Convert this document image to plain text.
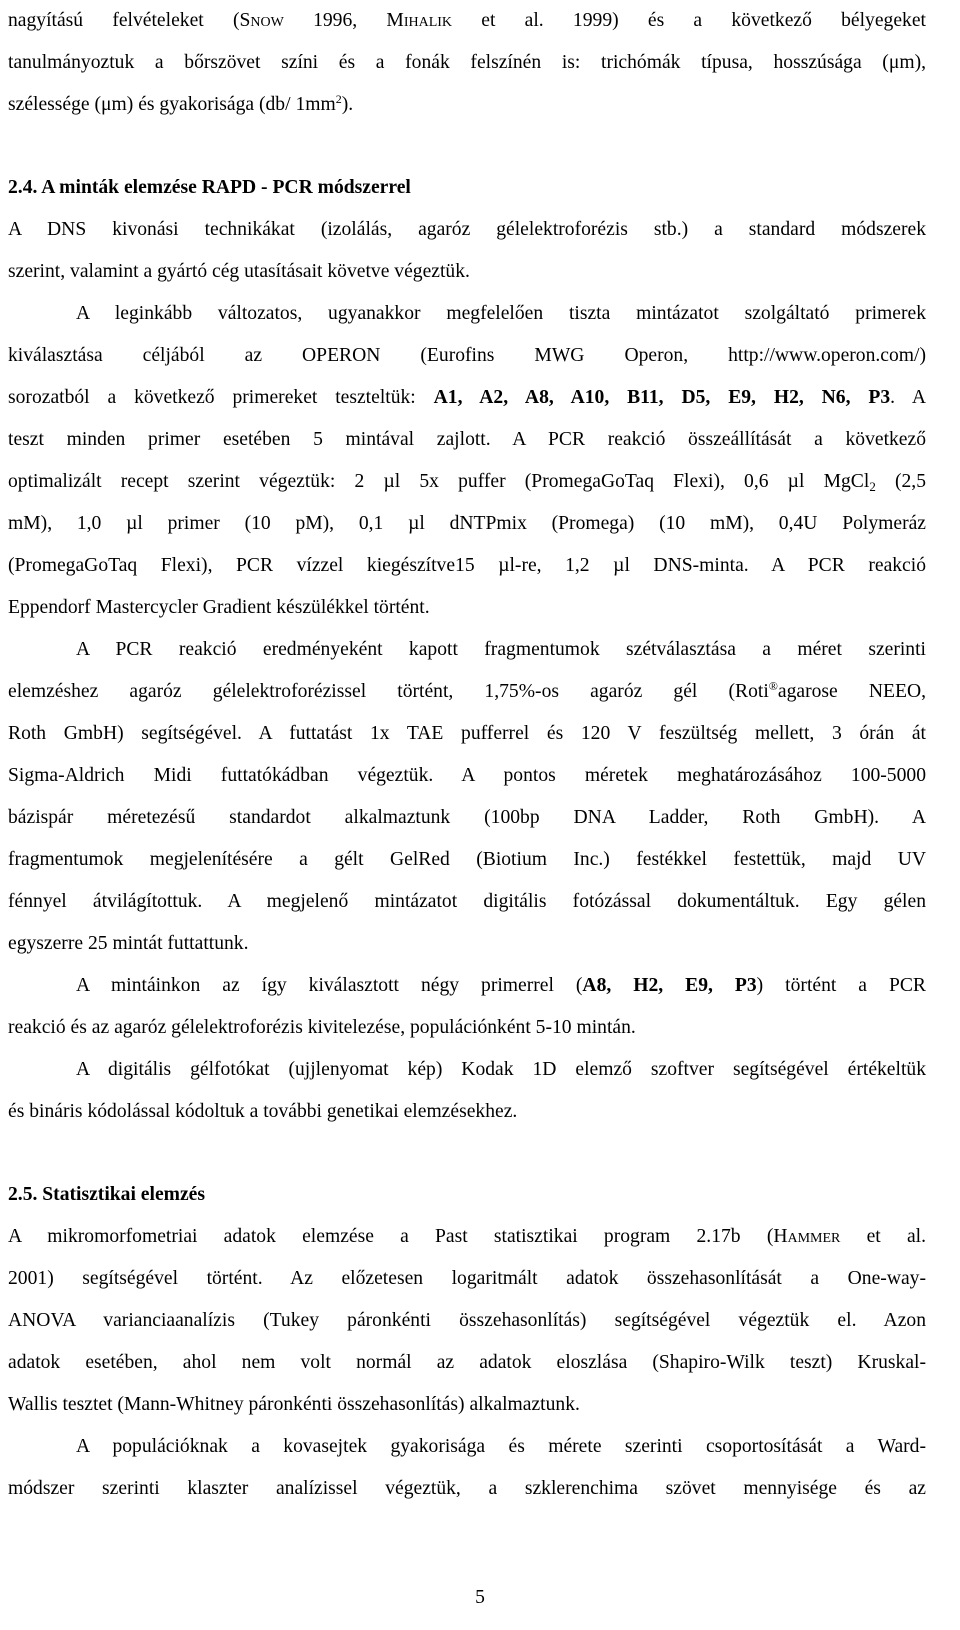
nagyítású felvételeket (Snow 1996, Mihalik et al. 1999) és a következő bélyegeket
tanulmányoztuk a bőrszövet színi és a fonák felszínén is: trichómák típusa, hosszúsága (μm),
szélessége (μm) és gyakorisága (db/ $1mm^2$).
2.4. A minták elemzése RAPD - PCR módszerrel
A DNS kivonási technikákat (izolálás, agaróz gélelektroforézis stb.) a standard módszerek
szerint, valamint a gyártó cég utasításait követve végeztük.
A leginkább változatos, ugyanakkor megfelelően tiszta mintázatot szolgáltató primerek
kiválasztása céljából az OPERON (Eurofins MWG Operon, http://www.operon.com/)
sorozatból a következő primereket teszteltük: A1, A2, A8, A10, B11, D5, E9, H2, N6, P3. A
teszt minden primer esetében 5 mintával zajlott. A PCR reakció összeállítását a következő
optimalizált recept szerint végeztük: 2 µl 5x puffer (PromegaGoTaq Flexi), 0,6 µl MgCl$_2$ (2,5
mM), 1,0 µl primer (10 pM), 0,1 µl dNTPmix (Promega) (10 mM), 0,4U Polymeráz
(PromegaGoTaq Flexi), PCR vízzel kiegészítve15 µl-re, 1,2 µl DNS-minta. A PCR reakció
Eppendorf Mastercycler Gradient készülékkel történt.
A PCR reakció eredményeként kapott fragmentumok szétválasztása a méret szerinti
elemzéshez agaróz gélelektroforézissel történt, 1,75%-os agaróz gél (Roti®agarose NEEO,
Roth GmbH) segítségével. A futtatást 1x TAE pufferrel és 120 V feszültség mellett, 3 órán át
Sigma-Aldrich Midi futtatókádban végeztük. A pontos méretek meghatározásához 100-5000
bázispár méretezésű standardot alkalmaztunk (100bp DNA Ladder, Roth GmbH). A
fragmentumok megjelenítésére a gélt GelRed (Biotium Inc.) festékkel festettük, majd UV
fénnyel átvilágítottuk. A megjelenő mintázatot digitális fotózással dokumentáltuk. Egy gélen
egyszerre 25 mintát futtattunk.
A mintáinkon az így kiválasztott négy primerrel (A8, H2, E9, P3) történt a PCR
reakció és az agaróz gélelektroforézis kivitelezése, populációnként 5-10 mintán.
A digitális gélfotókat (ujjlenyomat kép) Kodak 1D elemző szoftver segítségével értékeltük
és bináris kódolással kódoltuk a további genetikai elemzésekhez.
2.5. Statisztikai elemzés
A mikromorfometriai adatok elemzése a Past statisztikai program 2.17b (Hammer et al.
2001) segítségével történt. Az előzetesen logaritmált adatok összehasonlítását a One-way-
ANOVA varianciaanalízis (Tukey páronkénti összehasonlítás) segítségével végeztük el. Azon
adatok esetében, ahol nem volt normál az adatok eloszlása (Shapiro-Wilk teszt) Kruskal-
Wallis tesztet (Mann-Whitney páronkénti összehasonlítás) alkalmaztunk.
A populációknak a kovasejtek gyakorisága és mérete szerinti csoportosítását a Ward-
módszer szerinti klaszter analízissel végeztük, a szklerenchima szövet mennyisége és az
5
